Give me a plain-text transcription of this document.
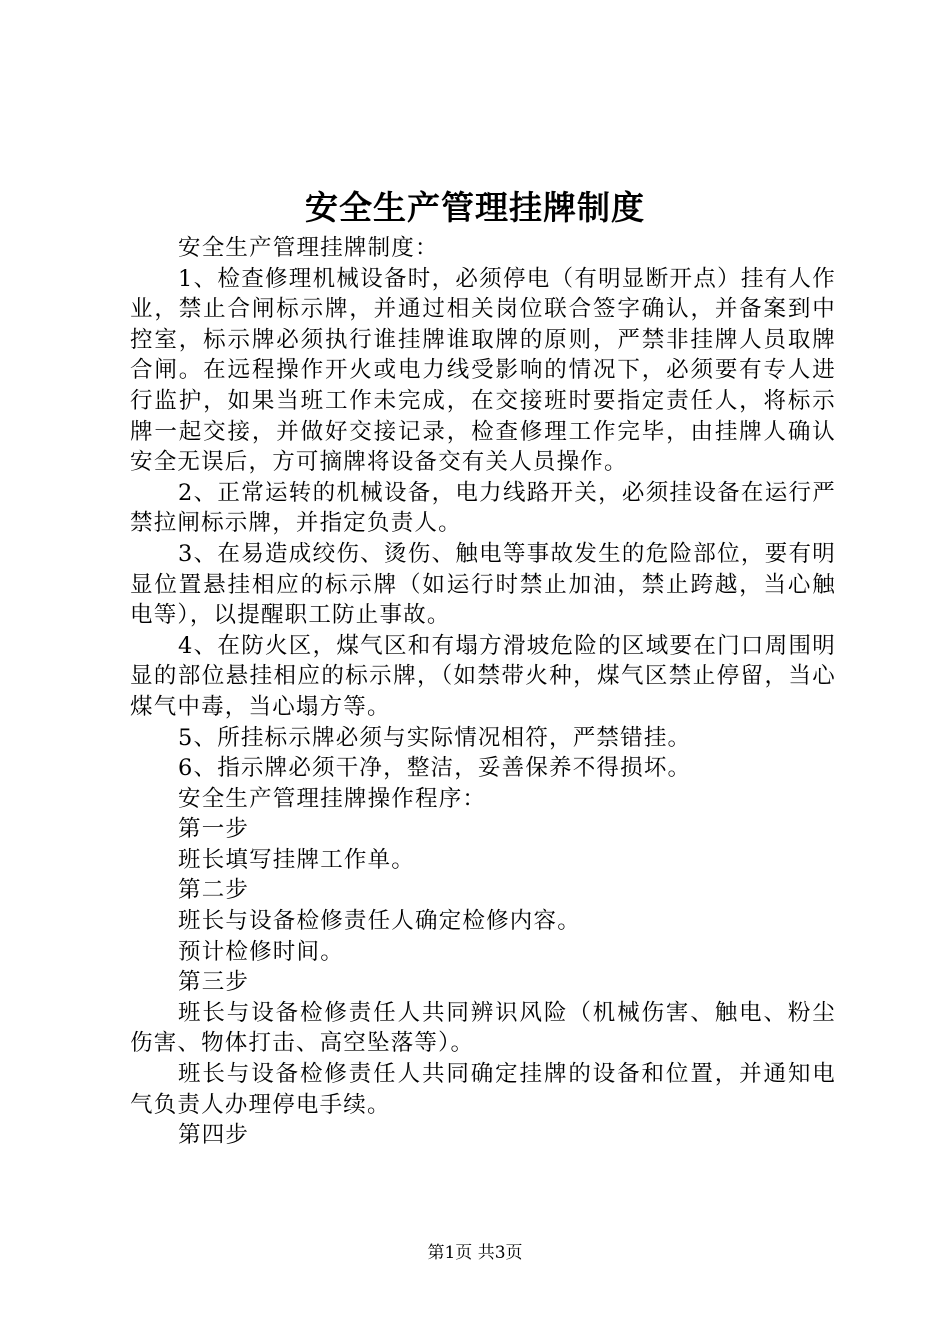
安全生产管理挂牌制度

安全生产管理挂牌制度：

1、检查修理机械设备时，必须停电（有明显断开点）挂有人作业，禁止合闸标示牌，并通过相关岗位联合签字确认，并备案到中控室，标示牌必须执行谁挂牌谁取牌的原则，严禁非挂牌人员取牌合闸。在远程操作开火或电力线受影响的情况下，必须要有专人进行监护，如果当班工作未完成，在交接班时要指定责任人，将标示牌一起交接，并做好交接记录，检查修理工作完毕，由挂牌人确认安全无误后，方可摘牌将设备交有关人员操作。

2、正常运转的机械设备，电力线路开关，必须挂设备在运行严禁拉闸标示牌，并指定负责人。

3、在易造成绞伤、烫伤、触电等事故发生的危险部位，要有明显位置悬挂相应的标示牌（如运行时禁止加油，禁止跨越，当心触电等），以提醒职工防止事故。

4、在防火区，煤气区和有塌方滑坡危险的区域要在门口周围明显的部位悬挂相应的标示牌，（如禁带火种，煤气区禁止停留，当心煤气中毒，当心塌方等。

5、所挂标示牌必须与实际情况相符，严禁错挂。

6、指示牌必须干净，整洁，妥善保养不得损坏。

安全生产管理挂牌操作程序：

第一步

班长填写挂牌工作单。

第二步

班长与设备检修责任人确定检修内容。

预计检修时间。

第三步

班长与设备检修责任人共同辨识风险（机械伤害、触电、粉尘伤害、物体打击、高空坠落等）。

班长与设备检修责任人共同确定挂牌的设备和位置，并通知电气负责人办理停电手续。

第四步

第1页 共3页
